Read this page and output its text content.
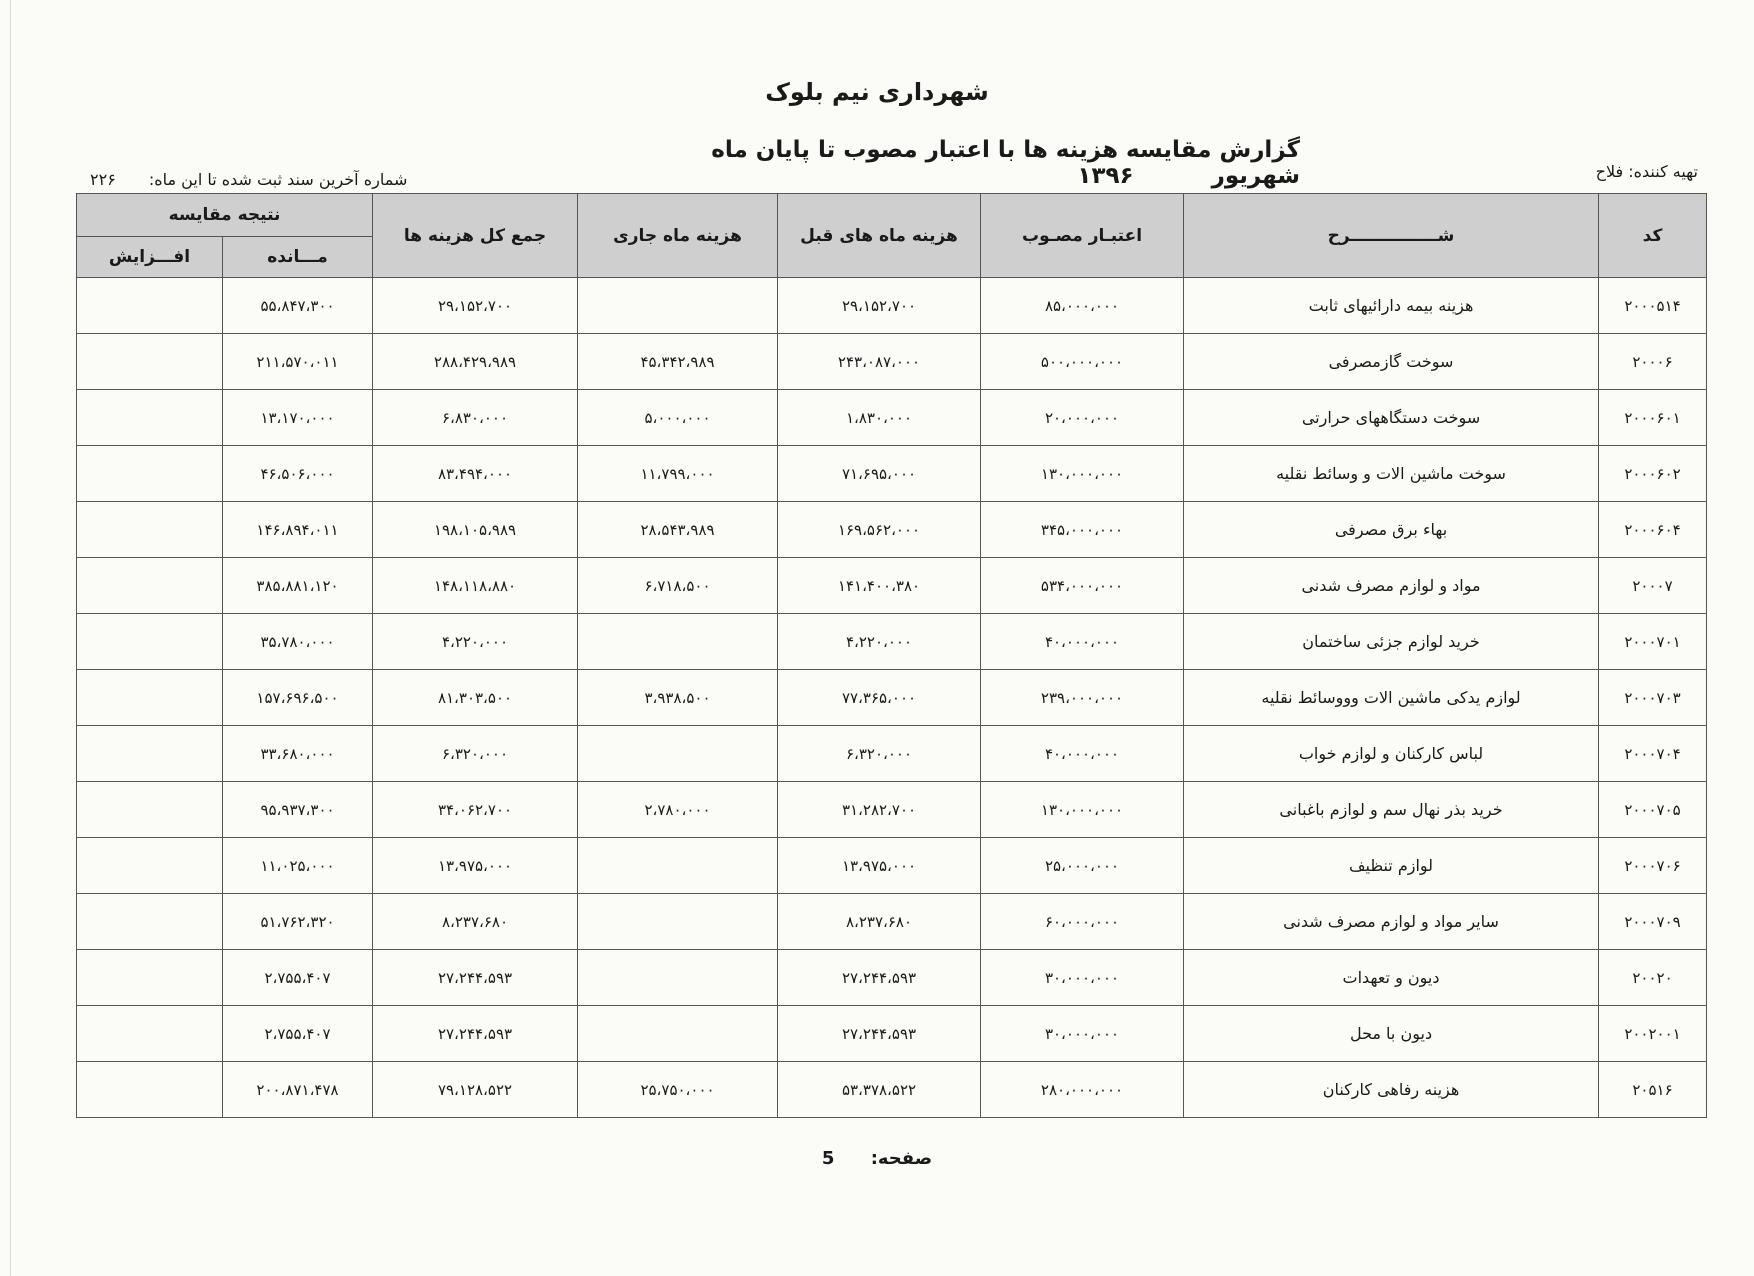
شهرداری نیم بلوک
گزارش مقایسه هزینه ها با اعتبار مصوب تا پایان ماه شهریور ۱۳۹۶	تهیه کننده: فلاح
شماره آخرین سند ثبت شده تا این ماه: ۲۲۶
کد	شـــــــــــــــرح	اعتبـار مصـوب	هزینه ماه های قبل	هزینه ماه جاری	جمع کل هزینه ها	نتیجه مقایسه	
						مـــانده	افـــزایش
۲۰۰۰۵۱۴	هزینه بیمه دارائیهای ثابت	۸۵،۰۰۰،۰۰۰	۲۹،۱۵۲،۷۰۰		۲۹،۱۵۲،۷۰۰	۵۵،۸۴۷،۳۰۰	
۲۰۰۰۶	سوخت گازمصرفی	۵۰۰،۰۰۰،۰۰۰	۲۴۳،۰۸۷،۰۰۰	۴۵،۳۴۲،۹۸۹	۲۸۸،۴۲۹،۹۸۹	۲۱۱،۵۷۰،۰۱۱	
۲۰۰۰۶۰۱	سوخت دستگاههای حرارتی	۲۰،۰۰۰،۰۰۰	۱،۸۳۰،۰۰۰	۵،۰۰۰،۰۰۰	۶،۸۳۰،۰۰۰	۱۳،۱۷۰،۰۰۰	
۲۰۰۰۶۰۲	سوخت ماشین الات و وسائط نقلیه	۱۳۰،۰۰۰،۰۰۰	۷۱،۶۹۵،۰۰۰	۱۱،۷۹۹،۰۰۰	۸۳،۴۹۴،۰۰۰	۴۶،۵۰۶،۰۰۰	
۲۰۰۰۶۰۴	بهاء برق مصرفی	۳۴۵،۰۰۰،۰۰۰	۱۶۹،۵۶۲،۰۰۰	۲۸،۵۴۳،۹۸۹	۱۹۸،۱۰۵،۹۸۹	۱۴۶،۸۹۴،۰۱۱	
۲۰۰۰۷	مواد و لوازم مصرف شدنی	۵۳۴،۰۰۰،۰۰۰	۱۴۱،۴۰۰،۳۸۰	۶،۷۱۸،۵۰۰	۱۴۸،۱۱۸،۸۸۰	۳۸۵،۸۸۱،۱۲۰	
۲۰۰۰۷۰۱	خرید لوازم جزئی ساختمان	۴۰،۰۰۰،۰۰۰	۴،۲۲۰،۰۰۰		۴،۲۲۰،۰۰۰	۳۵،۷۸۰،۰۰۰	
۲۰۰۰۷۰۳	لوازم یدکی ماشین الات وووسائط نقلیه	۲۳۹،۰۰۰،۰۰۰	۷۷،۳۶۵،۰۰۰	۳،۹۳۸،۵۰۰	۸۱،۳۰۳،۵۰۰	۱۵۷،۶۹۶،۵۰۰	
۲۰۰۰۷۰۴	لباس کارکنان و لوازم خواب	۴۰،۰۰۰،۰۰۰	۶،۳۲۰،۰۰۰		۶،۳۲۰،۰۰۰	۳۳،۶۸۰،۰۰۰	
۲۰۰۰۷۰۵	خرید بذر نهال سم و لوازم باغبانی	۱۳۰،۰۰۰،۰۰۰	۳۱،۲۸۲،۷۰۰	۲،۷۸۰،۰۰۰	۳۴،۰۶۲،۷۰۰	۹۵،۹۳۷،۳۰۰	
۲۰۰۰۷۰۶	لوازم تنظیف	۲۵،۰۰۰،۰۰۰	۱۳،۹۷۵،۰۰۰		۱۳،۹۷۵،۰۰۰	۱۱،۰۲۵،۰۰۰	
۲۰۰۰۷۰۹	سایر مواد و لوازم مصرف شدنی	۶۰،۰۰۰،۰۰۰	۸،۲۳۷،۶۸۰		۸،۲۳۷،۶۸۰	۵۱،۷۶۲،۳۲۰	
۲۰۰۲۰	دیون و تعهدات	۳۰،۰۰۰،۰۰۰	۲۷،۲۴۴،۵۹۳		۲۷،۲۴۴،۵۹۳	۲،۷۵۵،۴۰۷	
۲۰۰۲۰۰۱	دیون با محل	۳۰،۰۰۰،۰۰۰	۲۷،۲۴۴،۵۹۳		۲۷،۲۴۴،۵۹۳	۲،۷۵۵،۴۰۷	
۲۰۵۱۶	هزینه رفاهی کارکنان	۲۸۰،۰۰۰،۰۰۰	۵۳،۳۷۸،۵۲۲	۲۵،۷۵۰،۰۰۰	۷۹،۱۲۸،۵۲۲	۲۰۰،۸۷۱،۴۷۸	
صفحه: 5
